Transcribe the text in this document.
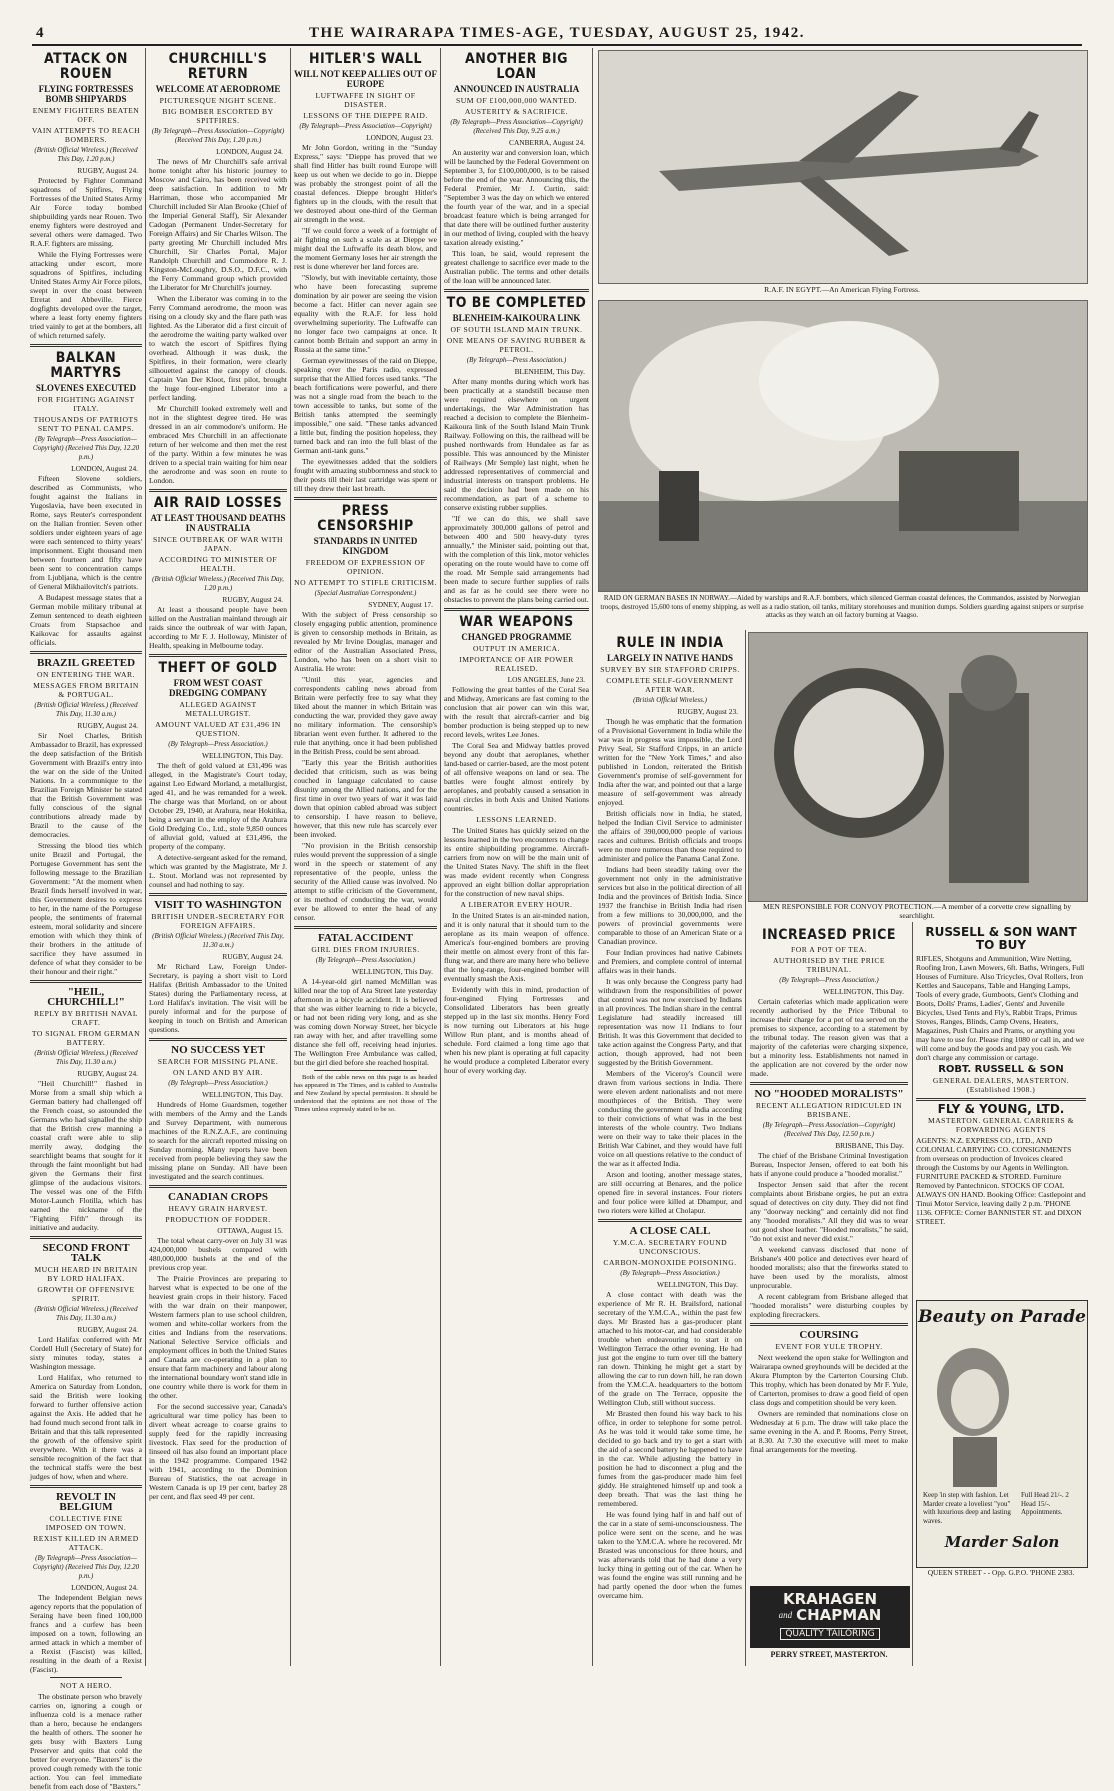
4	THE WAIRARAPA TIMES-AGE, TUESDAY, AUGUST 25, 1942.
ATTACK ON ROUEN
FLYING FORTRESSES BOMB SHIPYARDS
ENEMY FIGHTERS BEATEN OFF.
VAIN ATTEMPTS TO REACH BOMBERS.
(British Official Wireless.) (Received This Day, 1.20 p.m.)
RUGBY, August 24.

Protected by Fighter Command squadrons of Spitfires, Flying Fortresses of the United States Army Air Force today bombed shipbuilding yards near Rouen. Two enemy fighters were destroyed and several others were damaged. Two R.A.F. fighters are missing.

While the Flying Fortresses were attacking under escort, more squadrons of Spitfires, including United States Army Air Force pilots, swept in over the coast between Etretat and Abbeville. Fierce dogfights developed over the target, where a least forty enemy fighters tried vainly to get at the bombers, all of which returned safely.

BALKAN MARTYRS
SLOVENES EXECUTED
FOR FIGHTING AGAINST ITALY.
THOUSANDS OF PATRIOTS SENT TO PENAL CAMPS.
(By Telegraph—Press Association—Copyright) (Received This Day, 12.20 p.m.)
LONDON, August 24.

Fifteen Slovene soldiers, described as Communists, who fought against the Italians in Yugoslavia, have been executed in Rome, says Reuter's correspondent on the Italian frontier. Seven other soldiers under eighteen years of age were each sentenced to thirty years' imprisonment. Eight thousand men between fourteen and fifty have been sent to concentration camps from Ljubljana, which is the centre of General Mikhailovitch's patriots.

A Budapest message states that a German mobile military tribunal at Zemun sentenced to death eighteen Croats from Stapsachoe and Kaikovac for assaults against officials.

BRAZIL GREETED
ON ENTERING THE WAR.
MESSAGES FROM BRITAIN & PORTUGAL.
(British Official Wireless.) (Received This Day, 11.30 a.m.)
RUGBY, August 24.

Sir Noel Charles, British Ambassador to Brazil, has expressed the deep satisfaction of the British Government with Brazil's entry into the war on the side of the United Nations. In a communique to the Brazilian Foreign Minister he stated that the British Government was fully conscious of the signal contributions already made by Brazil to the cause of the democracies.

Stressing the blood ties which unite Brazil and Portugal, the Portugese Government has sent the following message to the Brazilian Government: "At the moment when Brazil finds herself involved in war, this Government desires to express to her, in the name of the Portugese people, the sentiments of fraternal esteem, moral solidarity and sincere emotion with which they think of their brothers in the attitude of sacrifice they have assumed in defence of what they consider to be their honour and their right."

"HEIL, CHURCHILL!"
REPLY BY BRITISH NAVAL CRAFT.
TO SIGNAL FROM GERMAN BATTERY.
(British Official Wireless.) (Received This Day, 11.30 a.m.)
RUGBY, August 24.

"Heil Churchill!" flashed in Morse from a small ship which a German battery had challenged off the French coast, so astounded the Germans who had signalled the ship that the British crew manning a coastal craft were able to slip merrily away, dodging the searchlight beams that sought for it through the faint moonlight but had given the Germans their first glimpse of the audacious visitors. The vessel was one of the Fifth Motor-Launch Flotilla, which has earned the nickname of the "Fighting Fifth" through its initiative and audacity.

SECOND FRONT TALK
MUCH HEARD IN BRITAIN BY LORD HALIFAX.
GROWTH OF OFFENSIVE SPIRIT.
(British Official Wireless.) (Received This Day, 11.30 a.m.)
RUGBY, August 24.

Lord Halifax conferred with Mr Cordell Hull (Secretary of State) for sixty minutes today, states a Washington message.

Lord Halifax, who returned to America on Saturday from London, said the British were looking forward to further offensive action against the Axis. He added that he had found much second front talk in Britain and that this talk represented the growth of the offensive spirit everywhere. With it there was a sensible recognition of the fact that the technical staffs were the best judges of how, when and where.

REVOLT IN BELGIUM
COLLECTIVE FINE IMPOSED ON TOWN.
REXIST KILLED IN ARMED ATTACK.
(By Telegraph—Press Association—Copyright) (Received This Day, 12.20 p.m.)
LONDON, August 24.

The Independent Belgian news agency reports that the population of Seraing have been fined 100,000 francs and a curfew has been imposed on a town, following an armed attack in which a member of a Rexist (Fascist) was killed, resulting in the death of a Rexist (Fascist).

NOT A HERO.

The obstinate person who bravely carries on, ignoring a cough or influenza cold is a menace rather than a hero, because he endangers the health of others. The sooner he gets busy with Baxters Lung Preserver and quits that cold the better for everyone. "Baxters" is the proved cough remedy with the tonic action. You can feel immediate benefit from each dose of "Baxters."

CHURCHILL'S RETURN
WELCOME AT AERODROME
PICTURESQUE NIGHT SCENE.
BIG BOMBER ESCORTED BY SPITFIRES.
(By Telegraph—Press Association—Copyright) (Received This Day, 1.20 p.m.)
LONDON, August 24.

The news of Mr Churchill's safe arrival home tonight after his historic journey to Moscow and Cairo, has been received with deep satisfaction. In addition to Mr Harriman, those who accompanied Mr Churchill included Sir Alan Brooke (Chief of the Imperial General Staff), Sir Alexander Cadogan (Permanent Under-Secretary for Foreign Affairs) and Sir Charles Wilson. The party greeting Mr Churchill included Mrs Churchill, Sir Charles Portal, Major Randolph Churchill and Commodore R. J. Kingston-McLoughry, D.S.O., D.F.C., with the Ferry Command group which provided the Liberator for Mr Churchill's journey.

When the Liberator was coming in to the Ferry Command aerodrome, the moon was rising on a cloudy sky and the flare path was lighted. As the Liberator did a first circuit of the aerodrome the waiting party walked over to watch the escort of Spitfires flying overhead. Although it was dusk, the Spitfires, in their formation, were clearly silhouetted against the canopy of clouds. Captain Van Der Kloot, first pilot, brought the huge four-engined Liberator into a perfect landing.

Mr Churchill looked extremely well and not in the slightest degree tired. He was dressed in an air commodore's uniform. He embraced Mrs Churchill in an affectionate return of her welcome and then met the rest of the party. Within a few minutes he was driven to a special train waiting for him near the aerodrome and was soon en route to London.

AIR RAID LOSSES
AT LEAST THOUSAND DEATHS IN AUSTRALIA
SINCE OUTBREAK OF WAR WITH JAPAN.
ACCORDING TO MINISTER OF HEALTH.
(British Official Wireless.) (Received This Day, 1.20 p.m.)
RUGBY, August 24.

At least a thousand people have been killed on the Australian mainland through air raids since the outbreak of war with Japan, according to Mr F. J. Holloway, Minister of Health, speaking in Melbourne today.

THEFT OF GOLD
FROM WEST COAST DREDGING COMPANY
ALLEGED AGAINST METALLURGIST.
AMOUNT VALUED AT £31,496 IN QUESTION.
(By Telegraph—Press Association.)
WELLINGTON, This Day.

The theft of gold valued at £31,496 was alleged, in the Magistrate's Court today, against Leo Edward Morland, a metallurgist, aged 41, and he was remanded for a week. The charge was that Morland, on or about October 29, 1940, at Arahura, near Hokitika, being a servant in the employ of the Arahura Gold Dredging Co., Ltd., stole 9,850 ounces of alluvial gold, valued at £31,496, the property of the company.

A detective-sergeant asked for the remand, which was granted by the Magistrate, Mr J. L. Stout. Morland was not represented by counsel and had nothing to say.

VISIT TO WASHINGTON
BRITISH UNDER-SECRETARY FOR FOREIGN AFFAIRS.
(British Official Wireless.) (Received This Day, 11.30 a.m.)
RUGBY, August 24.

Mr Richard Law, Foreign Under-Secretary, is paying a short visit to Lord Halifax (British Ambassador to the United States) during the Parliamentary recess, at Lord Halifax's invitation. The visit will be purely informal and for the purpose of keeping in touch on British and American questions.

NO SUCCESS YET
SEARCH FOR MISSING PLANE.
ON LAND AND BY AIR.
(By Telegraph—Press Association.)
WELLINGTON, This Day.

Hundreds of Home Guardsmen, together with members of the Army and the Lands and Survey Department, with numerous machines of the R.N.Z.A.F., are continuing to search for the aircraft reported missing on Sunday morning. Many reports have been received from people believing they saw the missing plane on Sunday. All have been investigated and the search continues.

CANADIAN CROPS
HEAVY GRAIN HARVEST.
PRODUCTION OF FODDER.
OTTAWA, August 15.

The total wheat carry-over on July 31 was 424,000,000 bushels compared with 480,000,000 bushels at the end of the previous crop year.

The Prairie Provinces are preparing to harvest what is expected to be one of the heaviest grain crops in their history. Faced with the war drain on their manpower, Western farmers plan to use school children, women and white-collar workers from the cities and Indians from the reservations. National Selective Service officials and employment offices in both the United States and Canada are co-operating in a plan to ensure that farm machinery and labour along the international boundary won't stand idle in one country while there is work for them in the other.

For the second successive year, Canada's agricultural war time policy has been to divert wheat acreage to coarse grains to supply feed for the rapidly increasing livestock. Flax seed for the production of linseed oil has also found an important place in the 1942 programme. Compared 1942 with 1941, according to the Dominion Bureau of Statistics, the oat acreage in Western Canada is up 19 per cent, barley 28 per cent, and flax seed 49 per cent.

HITLER'S WALL
WILL NOT KEEP ALLIES OUT OF EUROPE
LUFTWAFFE IN SIGHT OF DISASTER.
LESSONS OF THE DIEPPE RAID.
(By Telegraph—Press Association—Copyright)
LONDON, August 23.

Mr John Gordon, writing in the "Sunday Express," says: "Dieppe has proved that we shall find Hitler has built round Europe will keep us out when we decide to go in. Dieppe was probably the strongest point of all the coastal defences. Dieppe brought Hitler's fighters up in the clouds, with the result that we destroyed about one-third of the German air strength in the west.

"If we could force a week of a fortnight of air fighting on such a scale as at Dieppe we might deal the Luftwaffe its death blow, and the moment Germany loses her air strength the rest is done wherever her land forces are.

"Slowly, but with inevitable certainty, those who have been forecasting supreme domination by air power are seeing the vision become a fact. Hitler can never again see equality with the R.A.F. for less hold overwhelming superiority. The Luftwaffe can no longer face two campaigns at once. It cannot bomb Britain and support an army in Russia at the same time."

German eyewitnesses of the raid on Dieppe, speaking over the Paris radio, expressed surprise that the Allied forces used tanks. "The beach fortifications were powerful, and there was not a single road from the beach to the town accessible to tanks, but some of the British tanks attempted the seemingly impossible," one said. "These tanks advanced a little but, finding the position hopeless, they turned back and ran into the full blast of the German anti-tank guns."

The eyewitnesses added that the soldiers fought with amazing stubbornness and stuck to their posts till their last cartridge was spent or till they drew their last breath.

PRESS CENSORSHIP
STANDARDS IN UNITED KINGDOM
FREEDOM OF EXPRESSION OF OPINION.
NO ATTEMPT TO STIFLE CRITICISM.
(Special Australian Correspondent.)
SYDNEY, August 17.

With the subject of Press censorship so closely engaging public attention, prominence is given to censorship methods in Britain, as revealed by Mr Irvine Douglas, manager and editor of the Australian Associated Press, London, who has been on a short visit to Australia. He wrote:

"Until this year, agencies and correspondents cabling news abroad from Britain were perfectly free to say what they liked about the manner in which Britain was conducting the war, provided they gave away no military information. The censorship's librarian went even further. It adhered to the rule that anything, once it had been published in the British Press, could be sent abroad.

"Early this year the British authorities decided that criticism, such as was being couched in language calculated to cause disunity among the Allied nations, and for the first time in over two years of war it was laid down that opinion cabled abroad was subject to censorship. I have reason to believe, however, that this new rule has scarcely ever been invoked.

"No provision in the British censorship rules would prevent the suppression of a single word in the speech or statement of any representative of the people, unless the security of the Allied cause was involved. No attempt to stifle criticism of the Government, or its method of conducting the war, would ever be allowed to enter the head of any censor.

FATAL ACCIDENT
GIRL DIES FROM INJURIES.
(By Telegraph—Press Association.)
WELLINGTON, This Day.

A 14-year-old girl named McMillan was killed near the top of Ara Street late yesterday afternoon in a bicycle accident. It is believed that she was either learning to ride a bicycle, or had not been riding very long, and as she was coming down Norway Street, her bicycle ran away with her, and after travelling some distance she fell off, receiving head injuries. The Wellington Free Ambulance was called, but the girl died before she reached hospital.

Both of the cable news on this page is as headed has appeared in The Times, and is cabled to Australia and New Zealand by special permission. It should be understood that the opinions are not those of The Times unless expressly stated to be so.

ANOTHER BIG LOAN
ANNOUNCED IN AUSTRALIA
SUM OF £100,000,000 WANTED.
AUSTERITY & SACRIFICE.
(By Telegraph—Press Association—Copyright) (Received This Day, 9.25 a.m.)
CANBERRA, August 24.

An austerity war and conversion loan, which will be launched by the Federal Government on September 3, for £100,000,000, is to be raised before the end of the year. Announcing this, the Federal Premier, Mr J. Curtin, said: "September 3 was the day on which we entered the fourth year of the war, and in a special broadcast feature which is being arranged for that date there will be outlined further austerity in our method of living, coupled with the heavy taxation already existing."

This loan, he said, would represent the greatest challenge to sacrifice ever made to the Australian public. The terms and other details of the loan will be announced later.

TO BE COMPLETED
BLENHEIM-KAIKOURA LINK
OF SOUTH ISLAND MAIN TRUNK.
ONE MEANS OF SAVING RUBBER & PETROL.
(By Telegraph—Press Association.)
BLENHEIM, This Day.

After many months during which work has been practically at a standstill because men were required elsewhere on urgent undertakings, the War Administration has reached a decision to complete the Blenheim-Kaikoura link of the South Island Main Trunk Railway. Following on this, the railhead will be pushed northwards from Hundalee as far as possible. This was announced by the Minister of Railways (Mr Semple) last night, when he addressed representatives of commercial and industrial interests on transport problems. He said the decision had been made on his recommendation, as part of a scheme to conserve existing rubber supplies.

"If we can do this, we shall save approximately 300,000 gallons of petrol and between 400 and 500 heavy-duty tyres annually," the Minister said, pointing out that, with the completion of this link, motor vehicles operating on the route would have to come off the road. Mr Semple said arrangements had been made to secure further supplies of rails and as far as he could see there were no obstacles to prevent the plans being carried out.

WAR WEAPONS
CHANGED PROGRAMME
OUTPUT IN AMERICA.
IMPORTANCE OF AIR POWER REALISED.
LOS ANGELES, June 23.

Following the great battles of the Coral Sea and Midway, Americans are fast coming to the conclusion that air power can win this war, with the result that aircraft-carrier and big bomber production is being stepped up to new record levels, writes Lee Jones.

The Coral Sea and Midway battles proved beyond any doubt that aeroplanes, whether land-based or carrier-based, are the most potent of all offensive weapons on land or sea. The battles were fought almost entirely by aeroplanes, and probably caused a sensation in naval circles in both Axis and United Nations countries.

LESSONS LEARNED.

The United States has quickly seized on the lessons learned in the two encounters to change its entire shipbuilding programme. Aircraft-carriers from now on will be the main unit of the United States Navy. The shift in the fleet was made evident recently when Congress approved an eight billion dollar appropriation for the construction of new naval ships.

A LIBERATOR EVERY HOUR.

In the United States is an air-minded nation, and it is only natural that it should turn to the aeroplane as its main weapon of offence. America's four-engined bombers are proving their mettle on almost every front of this far-flung war, and there are many here who believe that the long-range, four-engined bomber will eventually smash the Axis.

Evidently with this in mind, production of four-engined Flying Fortresses and Consolidated Liberators has been greatly stepped up in the last six months. Henry Ford is now turning out Liberators at his huge Willow Run plant, and is months ahead of schedule. Ford claimed a long time ago that when his new plant is operating at full capacity he would produce a completed Liberator every hour of every working day.

R.A.F. IN EGYPT.—An American Flying Fortress.
RAID ON GERMAN BASES IN NORWAY.—Aided by warships and R.A.F. bombers, which silenced German coastal defences, the Commandos, assisted by Norwegian troops, destroyed 15,600 tons of enemy shipping, as well as a radio station, oil tanks, military storehouses and munition dumps. Soldiers guarding against snipers or surprise attacks as they watch an oil factory burning at Vaagso.
RULE IN INDIA
LARGELY IN NATIVE HANDS
SURVEY BY SIR STAFFORD CRIPPS.
COMPLETE SELF-GOVERNMENT AFTER WAR.
(British Official Wireless.)
RUGBY, August 23.

Though he was emphatic that the formation of a Provisional Government in India while the war was in progress was impossible, the Lord Privy Seal, Sir Stafford Cripps, in an article written for the "New York Times," and also published in London, reiterated the British Government's promise of self-government for India after the war, and pointed out that a large measure of self-government was already enjoyed.

British officials now in India, he stated, helped the Indian Civil Service to administer the affairs of 390,000,000 people of various races and cultures. British officials and troops were no more numerous than those required to administer and police the Panama Canal Zone.

Indians had been steadily taking over the government not only in the administrative services but also in the political direction of all India and the provinces of British India. Since 1937 the franchise in British India had risen from a few millions to 30,000,000, and the powers of provincial governments were comparable to those of an American State or a Canadian province.

Four Indian provinces had native Cabinets and Premiers, and complete control of internal affairs was in their hands.

It was only because the Congress party had withdrawn from the responsibilities of power that control was not now exercised by Indians in all provinces. The Indian share in the central Legislature had steadily increased till representation was now 11 Indians to four British. It was this Government that decided to take action against the Congress Party, and that action, though approved, had not been suggested by the British Government.

Members of the Viceroy's Council were drawn from various sections in India. There were eleven ardent nationalists and not mere mouthpieces of the British. They were conducting the government of India according to their convictions of what was in the best interests of the whole country. Two Indians were on their way to take their places in the British War Cabinet, and they would have full voice on all questions relative to the conduct of the war as it affected India.

Arson and looting, another message states, are still occurring at Benares, and the police opened fire in several instances. Four rioters and four police were killed at Dhampur, and two rioters were killed at Cholapur.

A CLOSE CALL
Y.M.C.A. SECRETARY FOUND UNCONSCIOUS.
CARBON-MONOXIDE POISONING.
(By Telegraph—Press Association.)
WELLINGTON, This Day.

A close contact with death was the experience of Mr R. H. Brailsford, national secretary of the Y.M.C.A., within the past few days. Mr Brasted has a gas-producer plant attached to his motor-car, and had considerable trouble when endeavouring to start it on Wellington Terrace the other evening. He had just got the engine to turn over till the battery ran down. Thinking he might get a start by allowing the car to run down hill, he ran down from the Y.M.C.A. headquarters to the bottom of the grade on The Terrace, opposite the Wellington Club, still without success.

Mr Brasted then found his way back to his office, in order to telephone for some petrol. As he was told it would take some time, he decided to go back and try to get a start with the aid of a second battery he happened to have in the car. While adjusting the battery in position he had to disconnect a plug and the fumes from the gas-producer made him feel giddy. He straightened himself up and took a deep breath. That was the last thing he remembered.

He was found lying half in and half out of the car in a state of semi-unconsciousness. The police were sent on the scene, and he was taken to the Y.M.C.A. where he recovered. Mr Brasted was unconscious for three hours, and was afterwards told that he had done a very lucky thing in getting out of the car. When he was found the engine was still running and he had partly opened the door when the fumes overcame him.

MEN RESPONSIBLE FOR CONVOY PROTECTION.—A member of a corvette crew signalling by searchlight.
INCREASED PRICE
FOR A POT OF TEA.
AUTHORISED BY THE PRICE TRIBUNAL.
(By Telegraph—Press Association.)
WELLINGTON, This Day.

Certain cafeterias which made application were recently authorised by the Price Tribunal to increase their charge for a pot of tea served on the premises to sixpence, according to a statement by the tribunal today. The reason given was that a majority of the cafeterias were charging sixpence, but a minority less. Establishments not named in the application are not covered by the order now made.

NO "HOODED MORALISTS"
RECENT ALLEGATION RIDICULED IN BRISBANE.
(By Telegraph—Press Association—Copyright) (Received This Day, 12.50 p.m.)
BRISBANE, This Day.

The chief of the Brisbane Criminal Investigation Bureau, Inspector Jensen, offered to eat both his hats if anyone could produce a "hooded moralist."

Inspector Jensen said that after the recent complaints about Brisbane orgies, he put an extra squad of detectives on city duty. They did not find any "doorway necking" and certainly did not find any "hooded moralists." All they did was to wear out good shoe leather. "Hooded moralists," he said, "do not exist and never did exist."

A weekend canvass disclosed that none of Brisbane's 400 police and detectives ever heard of hooded moralists; also that the fireworks stated to have been used by the moralists, almost unprocurable.

A recent cablegram from Brisbane alleged that "hooded moralists" were disturbing couples by exploding firecrackers.

COURSING
EVENT FOR YULE TROPHY.

Next weekend the open stake for Wellington and Wairarapa owned greyhounds will be decided at the Akura Plumpton by the Carterton Coursing Club. This trophy, which has been donated by Mr F. Yule, of Carterton, promises to draw a good field of open class dogs and competition should be very keen.

Owners are reminded that nominations close on Wednesday at 6 p.m. The draw will take place the same evening in the A. and P. Rooms, Perry Street, at 8.30. At 7.30 the executive will meet to make final arrangements for the meeting.

RUSSELL & SON WANT TO BUY
RIFLES, Shotguns and Ammunition, Wire Netting, Roofing Iron, Lawn Mowers, 6ft. Baths, Wringers, Full Houses of Furniture. Also Tricycles, Oval Rollers, Iron Kettles and Saucepans, Table and Hanging Lamps, Tools of every grade, Gumboots, Gent's Clothing and Boots, Dolls' Prams, Ladies', Gents' and Juvenile Bicycles, Used Tents and Fly's, Rabbit Traps, Primus Stoves, Ranges, Blinds, Camp Ovens, Heaters, Magazines, Push Chairs and Prams, or anything you may have to use for. Please ring 1080 or call in, and we will come and buy the goods and pay you cash. We don't charge any commission or cartage.
ROBT. RUSSELL & SON
GENERAL DEALERS, MASTERTON. (Established 1908.)
FLY & YOUNG, LTD.
MASTERTON. GENERAL CARRIERS & FORWARDING AGENTS
AGENTS: N.Z. EXPRESS CO., LTD., AND COLONIAL CARRYING CO. CONSIGNMENTS from overseas on production of Invoices cleared through the Customs by our Agents in Wellington. FURNITURE PACKED & STORED. Furniture Removed by Pantechnicon. STOCKS OF COAL ALWAYS ON HAND. Booking Office: Castlepoint and Tinui Motor Service, leaving daily 2 p.m. 'PHONE 1136. OFFICE: Corner BANNISTER ST. and DIXON STREET.
Beauty on Parade
Keep 'in step with fashion. Let Marder create a loveliest "you" with luxurious deep and lasting waves.
Full Head 21/-. 2 Head 15/-. Appointments.
Marder Salon
QUEEN STREET - - Opp. G.P.O. 'PHONE 2383.
KRAHAGEN
and CHAPMAN
QUALITY TAILORING
PERRY STREET, MASTERTON.
